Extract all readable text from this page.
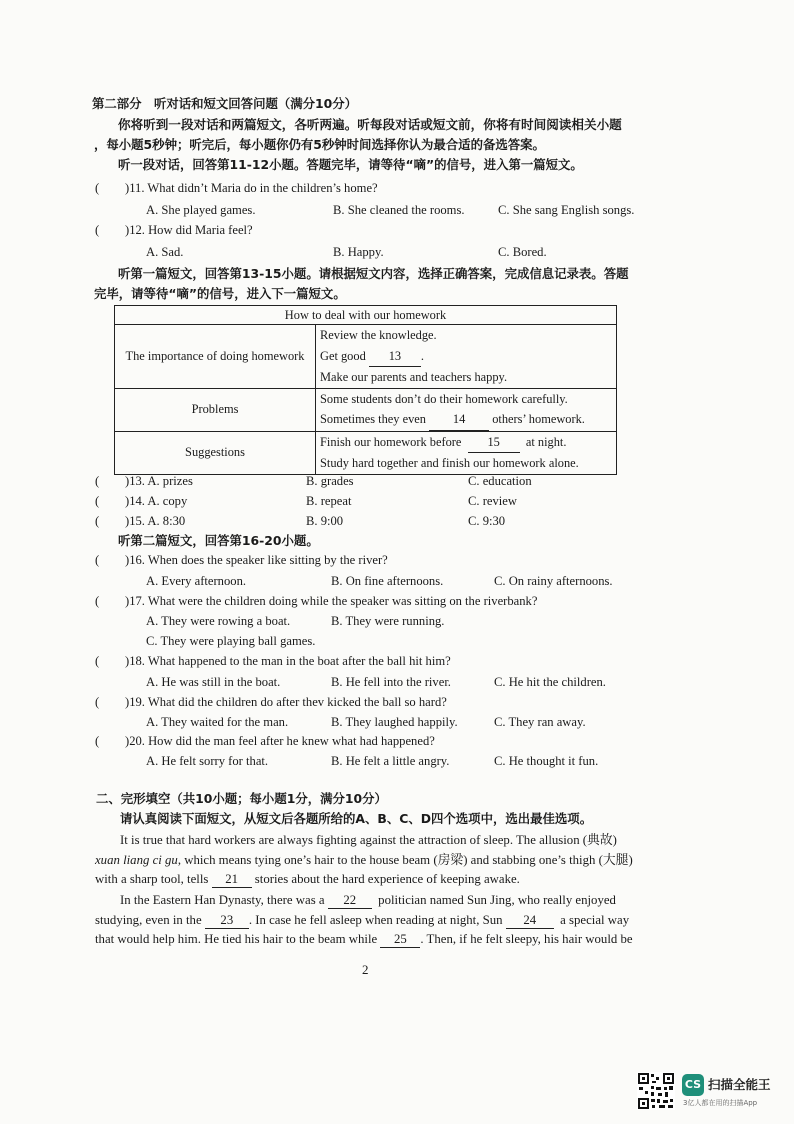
第二部分　听对话和短文回答问题（满分10分）
你将听到一段对话和两篇短文，各听两遍。听每段对话或短文前，你将有时间阅读相关小题
，每小题5秒钟；听完后，每小题你仍有5秒钟时间选择你认为最合适的备选答案。
听一段对话，回答第11-12小题。答题完毕，请等待“嘀”的信号，进入第一篇短文。
( )11. What didn’t Maria do in the children’s home?
A. She played games.	B. She cleaned the rooms.	C. She sang English songs.
( )12. How did Maria feel?
A. Sad.	B. Happy.	C. Bored.
听第一篇短文，回答第13-15小题。请根据短文内容，选择正确答案，完成信息记录表。答题
完毕，请等待“嘀”的信号，进入下一篇短文。
How to deal with our homework	
The importance of doing homework	Review the knowledge.
Get good 13 .
Make our parents and teachers happy.

Problems	Some students don’t do their homework carefully.
Sometimes they even 14 others’ homework.

Suggestions	Finish our homework before 15 at night.
Study hard together and finish our homework alone.
( )13. A. prizes	B. grades	C. education
( )14. A. copy	B. repeat	C. review
( )15. A. 8:30	B. 9:00	C. 9:30
听第二篇短文，回答第16-20小题。
( )16. When does the speaker like sitting by the river?
A. Every afternoon.	B. On fine afternoons.	C. On rainy afternoons.
( )17. What were the children doing while the speaker was sitting on the riverbank?
A. They were rowing a boat.	B. They were running.
C. They were playing ball games.
( )18. What happened to the man in the boat after the ball hit him?
A. He was still in the boat.	B. He fell into the river.	C. He hit the children.
( )19. What did the children do after thev kicked the ball so hard?
A. They waited for the man.	B. They laughed happily.	C. They ran away.
( )20. How did the man feel after he knew what had happened?
A. He felt sorry for that.	B. He felt a little angry.	C. He thought it fun.
二、完形填空（共10小题；每小题1分，满分10分）
请认真阅读下面短文，从短文后各题所给的A、B、C、D四个选项中，选出最佳选项。
It is true that hard workers are always fighting against the attraction of sleep. The allusion (典故)
xuan liang ci gu, which means tying one’s hair to the house beam (房梁) and stabbing one’s thigh (大腿)
with a sharp tool, tells 21 stories about the hard experience of keeping awake.
In the Eastern Han Dynasty, there was a 22 politician named Sun Jing, who really enjoyed
studying, even in the 23 . In case he fell asleep when reading at night, Sun 24 a special way
that would help him. He tied his hair to the beam while 25 . Then, if he felt sleepy, his hair would be
2
CS 扫描全能王
3亿人都在用的扫描App
